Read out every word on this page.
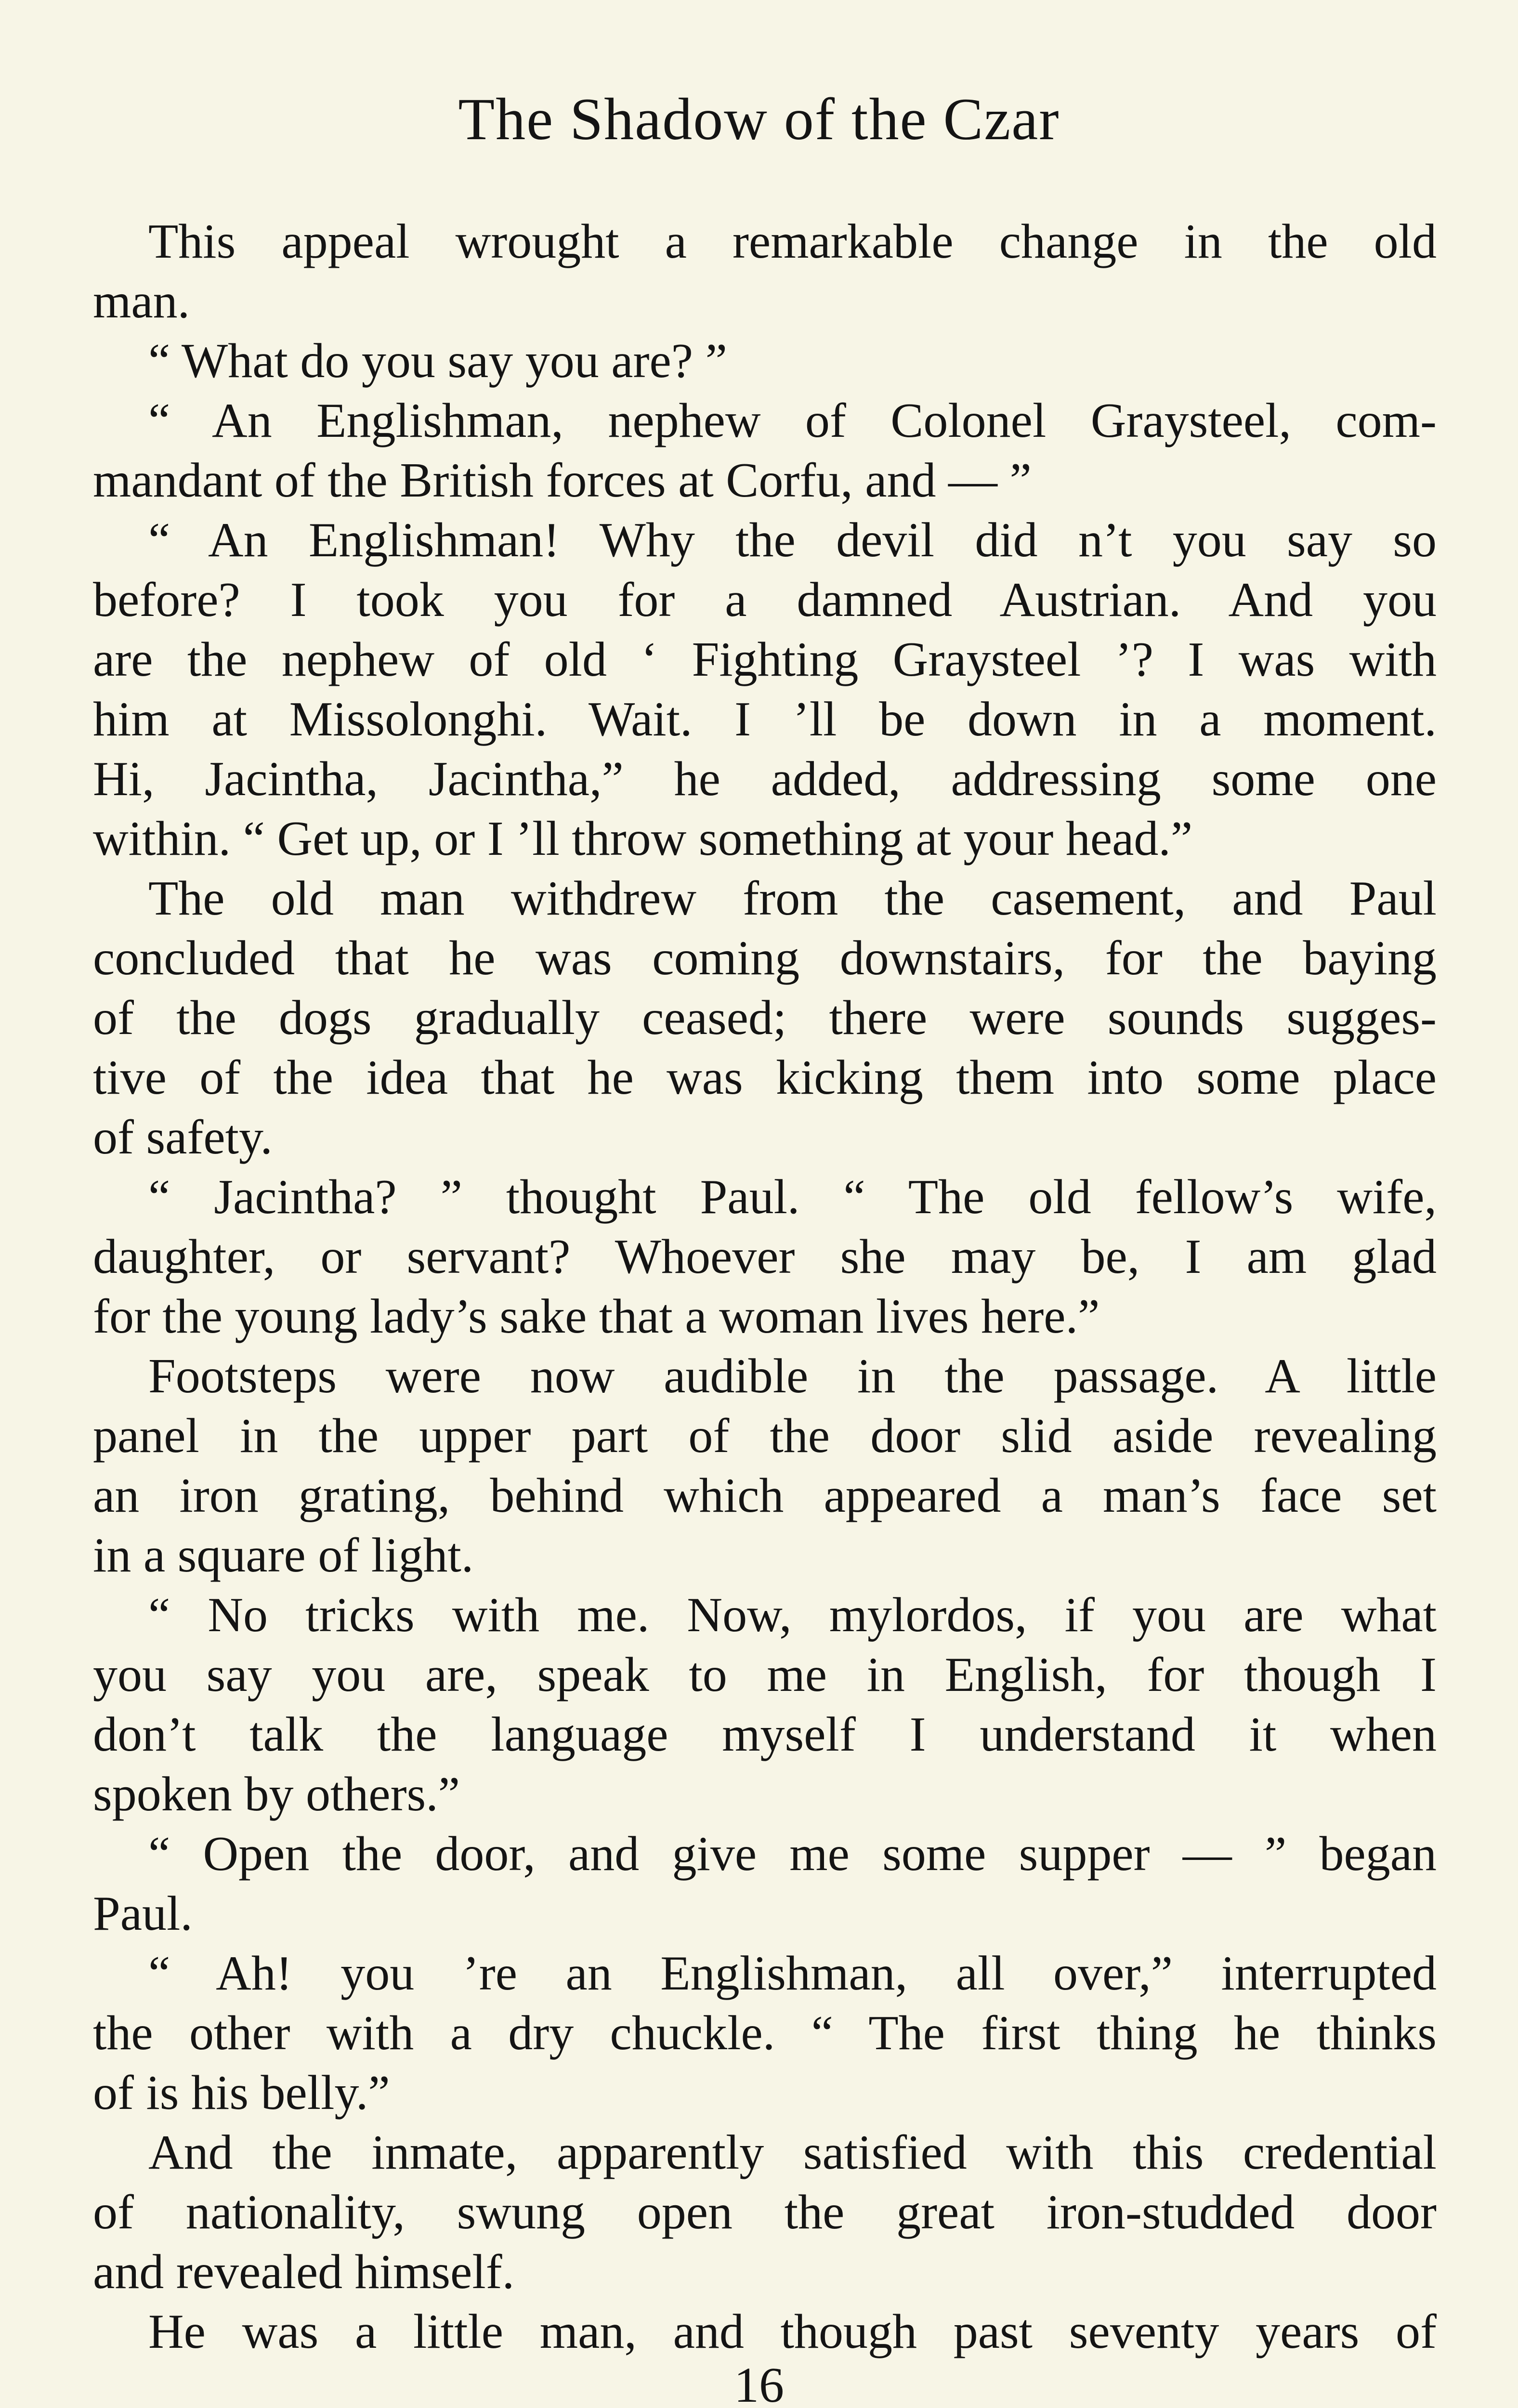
The Shadow of the Czar
This appeal wrought a remarkable change in the old
man.
“ What do you say you are? ”
“ An Englishman, nephew of Colonel Graysteel, com-
mandant of the British forces at Corfu, and — ”
“ An Englishman! Why the devil did n’t you say so
before? I took you for a damned Austrian. And you
are the nephew of old ‘ Fighting Graysteel ’? I was with
him at Missolonghi. Wait. I ’ll be down in a moment.
Hi, Jacintha, Jacintha,” he added, addressing some one
within. “ Get up, or I ’ll throw something at your head.”
The old man withdrew from the casement, and Paul
concluded that he was coming downstairs, for the baying
of the dogs gradually ceased; there were sounds sugges-
tive of the idea that he was kicking them into some place
of safety.
“ Jacintha? ” thought Paul. “ The old fellow’s wife,
daughter, or servant? Whoever she may be, I am glad
for the young lady’s sake that a woman lives here.”
Footsteps were now audible in the passage. A little
panel in the upper part of the door slid aside revealing
an iron grating, behind which appeared a man’s face set
in a square of light.
“ No tricks with me. Now, mylordos, if you are what
you say you are, speak to me in English, for though I
don’t talk the language myself I understand it when
spoken by others.”
“ Open the door, and give me some supper — ” began
Paul.
“ Ah! you ’re an Englishman, all over,” interrupted
the other with a dry chuckle. “ The first thing he thinks
of is his belly.”
And the inmate, apparently satisfied with this credential
of nationality, swung open the great iron-studded door
and revealed himself.
He was a little man, and though past seventy years of
16
